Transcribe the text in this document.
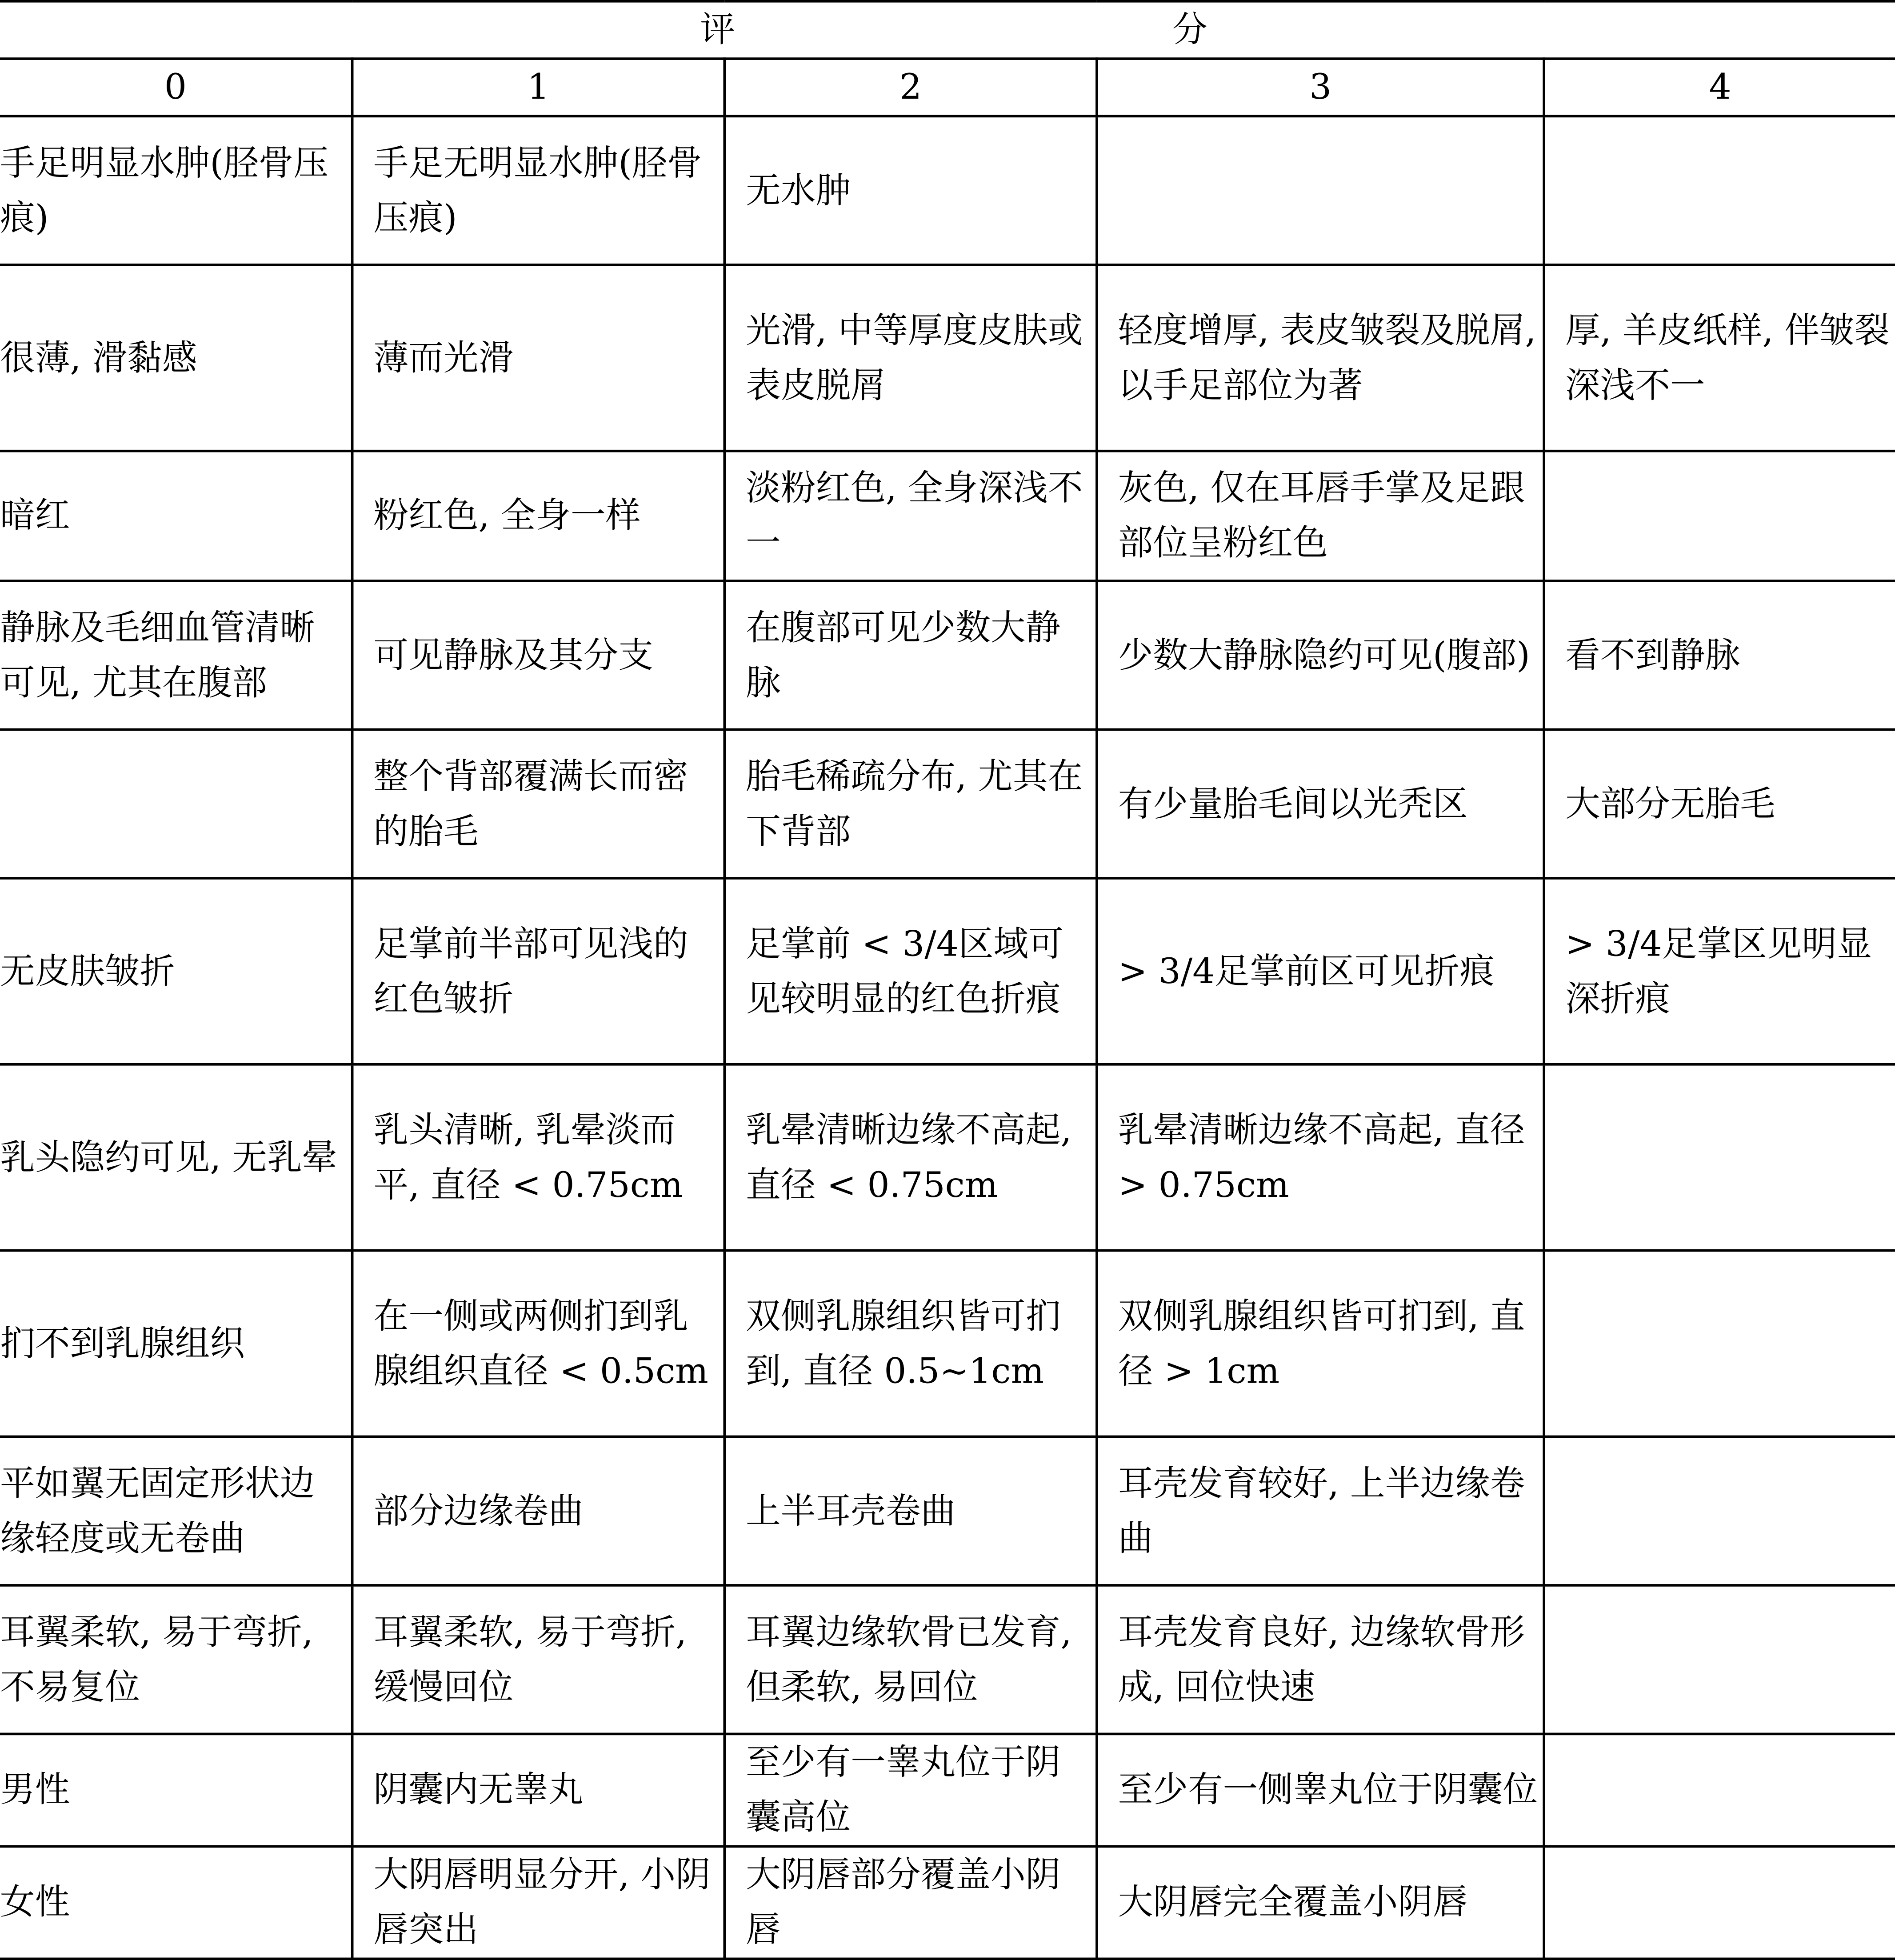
评 分				
0	1	2	3	4
手足明显水肿(胫骨压痕)	手足无明显水肿(胫骨压痕)	无水肿		
很薄, 滑黏感	薄而光滑	光滑, 中等厚度皮肤或表皮脱屑	轻度增厚, 表皮皱裂及脱屑, 以手足部位为著	厚, 羊皮纸样, 伴皱裂深浅不一
暗红	粉红色, 全身一样	淡粉红色, 全身深浅不一	灰色, 仅在耳唇手掌及足跟部位呈粉红色	
静脉及毛细血管清晰可见, 尤其在腹部	可见静脉及其分支	在腹部可见少数大静脉	少数大静脉隐约可见(腹部)	看不到静脉
	整个背部覆满长而密的胎毛	胎毛稀疏分布, 尤其在下背部	有少量胎毛间以光秃区	大部分无胎毛
无皮肤皱折	足掌前半部可见浅的红色皱折	足掌前 < 3/4区域可见较明显的红色折痕	> 3/4足掌前区可见折痕	> 3/4足掌区见明显深折痕
乳头隐约可见, 无乳晕	乳头清晰, 乳晕淡而平, 直径 < 0.75cm	乳晕清晰边缘不高起, 直径 < 0.75cm	乳晕清晰边缘不高起, 直径 > 0.75cm	
扪不到乳腺组织	在一侧或两侧扪到乳腺组织直径 < 0.5cm	双侧乳腺组织皆可扪到, 直径 0.5~1cm	双侧乳腺组织皆可扪到, 直径 > 1cm	
平如翼无固定形状边缘轻度或无卷曲	部分边缘卷曲	上半耳壳卷曲	耳壳发育较好, 上半边缘卷曲	
耳翼柔软, 易于弯折, 不易复位	耳翼柔软, 易于弯折, 缓慢回位	耳翼边缘软骨已发育, 但柔软, 易回位	耳壳发育良好, 边缘软骨形成, 回位快速	
男性	阴囊内无睾丸	至少有一睾丸位于阴囊高位	至少有一侧睾丸位于阴囊位	
女性	大阴唇明显分开, 小阴唇突出	大阴唇部分覆盖小阴唇	大阴唇完全覆盖小阴唇	
